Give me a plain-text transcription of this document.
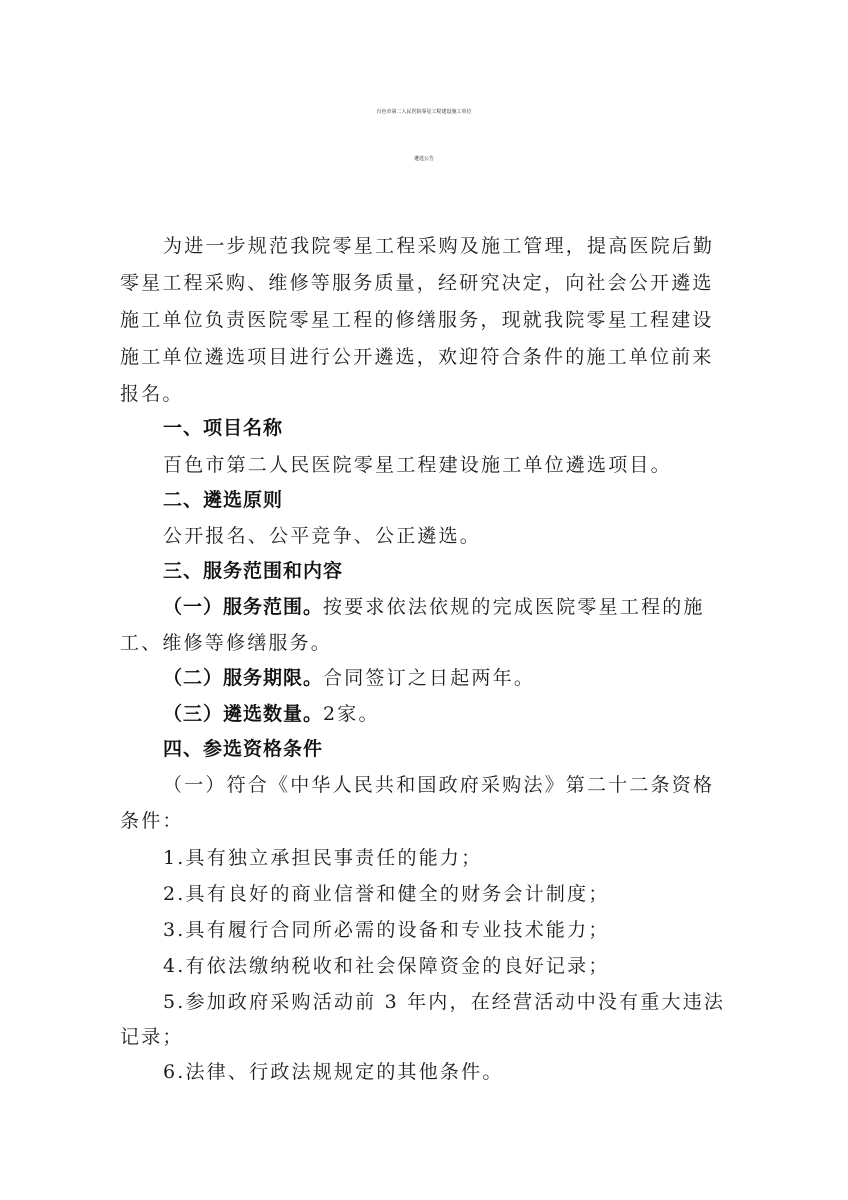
百色市第二人民医院零星工程建设施工单位
遴选公告
为进一步规范我院零星工程采购及施工管理，提高医院后勤
零星工程采购、维修等服务质量，经研究决定，向社会公开遴选
施工单位负责医院零星工程的修缮服务，现就我院零星工程建设
施工单位遴选项目进行公开遴选，欢迎符合条件的施工单位前来
报名。
一、项目名称
百色市第二人民医院零星工程建设施工单位遴选项目。
二、遴选原则
公开报名、公平竞争、公正遴选。
三、服务范围和内容
（一）服务范围。按要求依法依规的完成医院零星工程的施
工、维修等修缮服务。
（二）服务期限。合同签订之日起两年。
（三）遴选数量。2家。
四、参选资格条件
（一）符合《中华人民共和国政府采购法》第二十二条资格
条件：
1.具有独立承担民事责任的能力；
2.具有良好的商业信誉和健全的财务会计制度；
3.具有履行合同所必需的设备和专业技术能力；
4.有依法缴纳税收和社会保障资金的良好记录；
5.参加政府采购活动前 3 年内，在经营活动中没有重大违法
记录；
6.法律、行政法规规定的其他条件。
